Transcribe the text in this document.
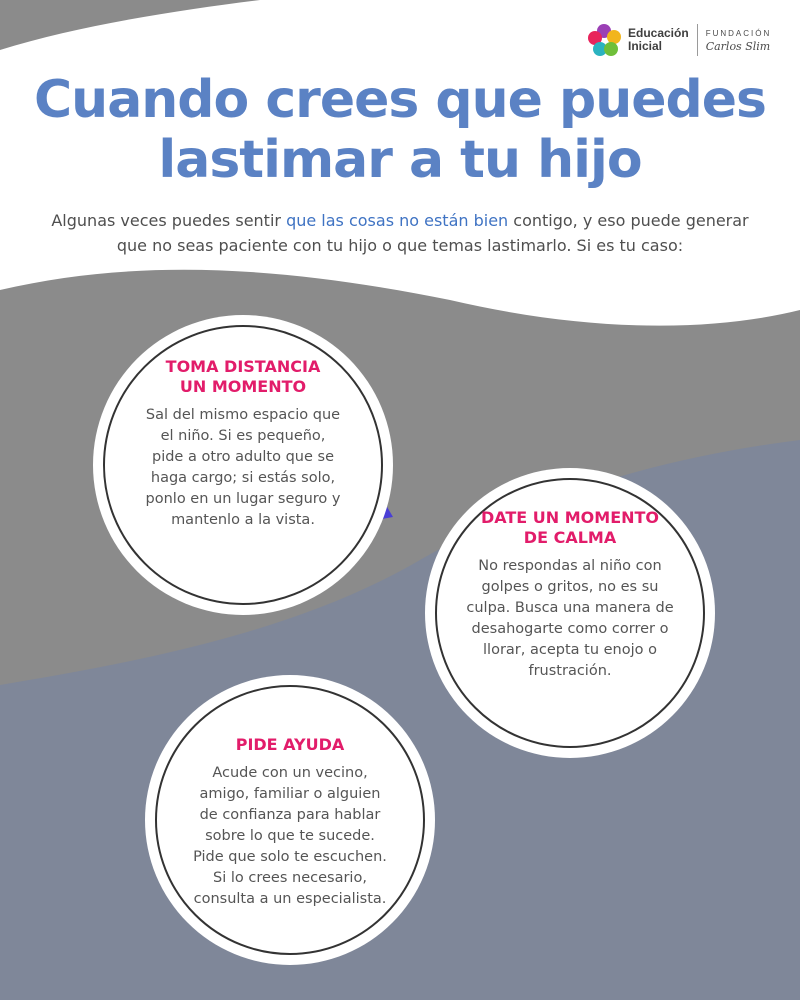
Educación
Inicial
FUNDACIÓN
Carlos Slim
Cuando crees que puedes
lastimar a tu hijo

Algunas veces puedes sentir que las cosas no están bien contigo, y eso puede generar que no seas paciente con tu hijo o que temas lastimarlo. Si es tu caso:

TOMA DISTANCIA
UN MOMENTO

Sal del mismo espacio que el niño. Si es pequeño, pide a otro adulto que se haga cargo; si estás solo, ponlo en un lugar seguro y mantenlo a la vista.	DATE UN MOMENTO
DE CALMA

No respondas al niño con golpes o gritos, no es su culpa. Busca una manera de desahogarte como correr o llorar, acepta tu enojo o frustración.

PIDE AYUDA

Acude con un vecino, amigo, familiar o alguien de confianza para hablar sobre lo que te sucede. Pide que solo te escuchen. Si lo crees necesario, consulta a un especialista.
